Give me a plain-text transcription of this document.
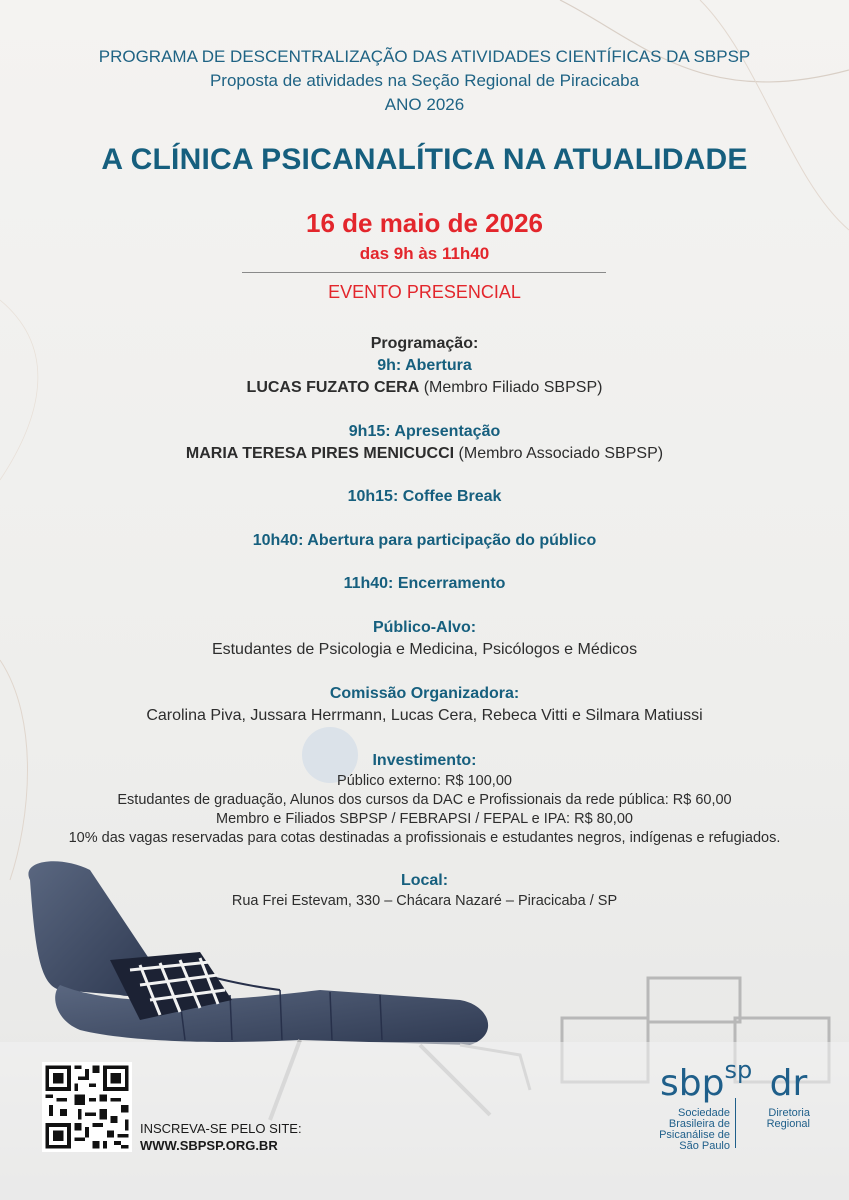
PROGRAMA DE DESCENTRALIZAÇÃO DAS ATIVIDADES CIENTÍFICAS DA SBPSP
Proposta de atividades na Seção Regional de Piracicaba
ANO 2026
A CLÍNICA PSICANALÍTICA NA ATUALIDADE
16 de maio de 2026
das 9h às 11h40
EVENTO PRESENCIAL
Programação:
9h: Abertura
LUCAS FUZATO CERA (Membro Filiado SBPSP)
9h15: Apresentação
MARIA TERESA PIRES MENICUCCI (Membro Associado SBPSP)
10h15: Coffee Break
10h40: Abertura para participação do público
11h40: Encerramento
Público-Alvo:
Estudantes de Psicologia e Medicina, Psicólogos e Médicos
Comissão Organizadora:
Carolina Piva, Jussara Herrmann, Lucas Cera, Rebeca Vitti e Silmara Matiussi
Investimento:
Público externo: R$ 100,00
Estudantes de graduação, Alunos dos cursos da DAC e Profissionais da rede pública: R$ 60,00
Membro e Filiados SBPSP / FEBRAPSI / FEPAL e IPA: R$ 80,00
10% das vagas reservadas para cotas destinadas a profissionais e estudantes negros, indígenas e refugiados.
Local:
Rua Frei Estevam, 330 – Chácara Nazaré – Piracicaba / SP
INSCREVA-SE PELO SITE:
WWW.SBPSP.ORG.BR
sbp$^{sp}$ dr
Sociedade
Brasileira de
Psicanálise de
São Paulo
Diretoria
Regional
